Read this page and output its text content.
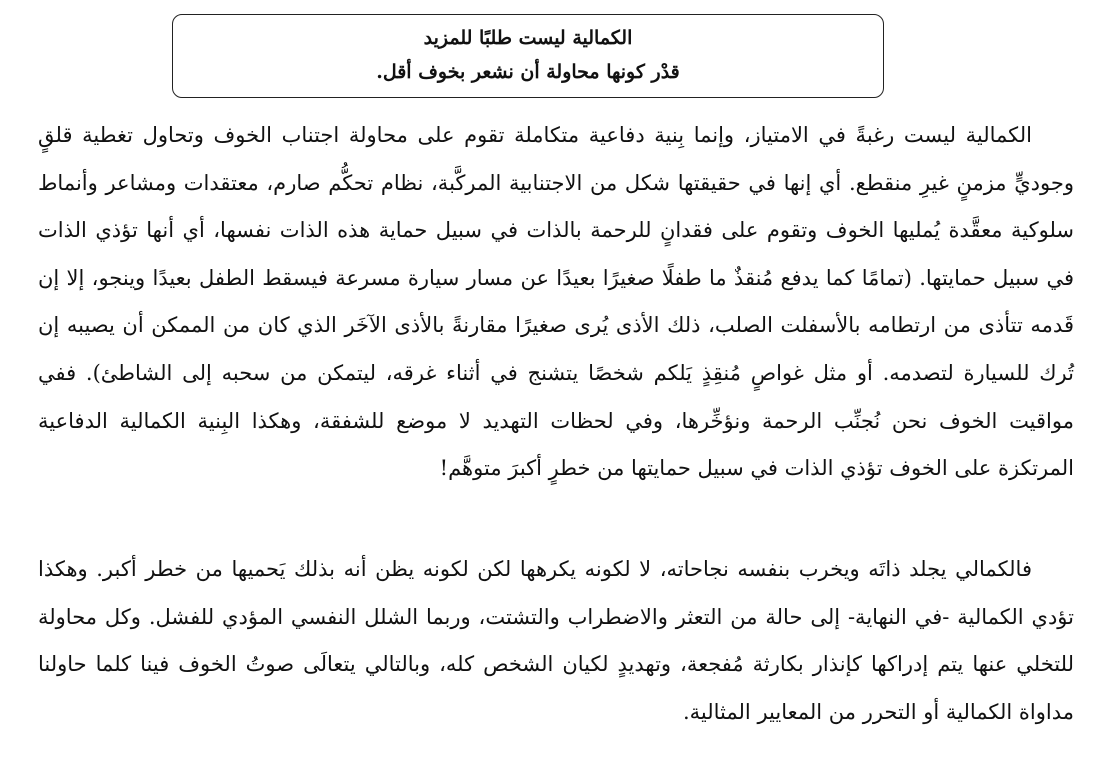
الكمالية ليست طلبًا للمزيد

قدْر كونها محاولة أن نشعر بخوف أقل.

الكمالية ليست رغبةً في الامتياز، وإنما بِنية دفاعية متكاملة تقوم على محاولة اجتناب الخوف وتحاول تغطية قلقٍ وجوديٍّ مزمنٍ غيرِ منقطع. أي إنها في حقيقتها شكل من الاجتنابية المركَّبة، نظام تحكُّم صارم، معتقدات ومشاعر وأنماط سلوكية معقَّدة يُمليها الخوف وتقوم على فقدانٍ للرحمة بالذات في سبيل حماية هذه الذات نفسها، أي أنها تؤذي الذات في سبيل حمايتها. (تمامًا كما يدفع مُنقذٌ ما طفلًا صغيرًا بعيدًا عن مسار سيارة مسرعة فيسقط الطفل بعيدًا وينجو، إلا إن قَدمه تتأذى من ارتطامه بالأسفلت الصلب، ذلك الأذى يُرى صغيرًا مقارنةً بالأذى الآخَر الذي كان من الممكن أن يصيبه إن تُرك للسيارة لتصدمه. أو مثل غواصٍ مُنقِذٍ يَلكم شخصًا يتشنج في أثناء غرقه، ليتمكن من سحبه إلى الشاطئ). ففي مواقيت الخوف نحن نُجنِّب الرحمة ونؤخِّرها، وفي لحظات التهديد لا موضع للشفقة، وهكذا البِنية الكمالية الدفاعية المرتكزة على الخوف تؤذي الذات في سبيل حمايتها من خطرٍ أكبرَ متوهَّم!

فالكمالي يجلد ذاتَه ويخرب بنفسه نجاحاته، لا لكونه يكرهها لكن لكونه يظن أنه بذلك يَحميها من خطر أكبر. وهكذا تؤدي الكمالية -في النهاية- إلى حالة من التعثر والاضطراب والتشتت، وربما الشلل النفسي المؤدي للفشل. وكل محاولة للتخلي عنها يتم إدراكها كإنذار بكارثة مُفجعة، وتهديدٍ لكيان الشخص كله، وبالتالي يتعالَى صوتُ الخوف فينا كلما حاولنا مداواة الكمالية أو التحرر من المعايير المثالية.
